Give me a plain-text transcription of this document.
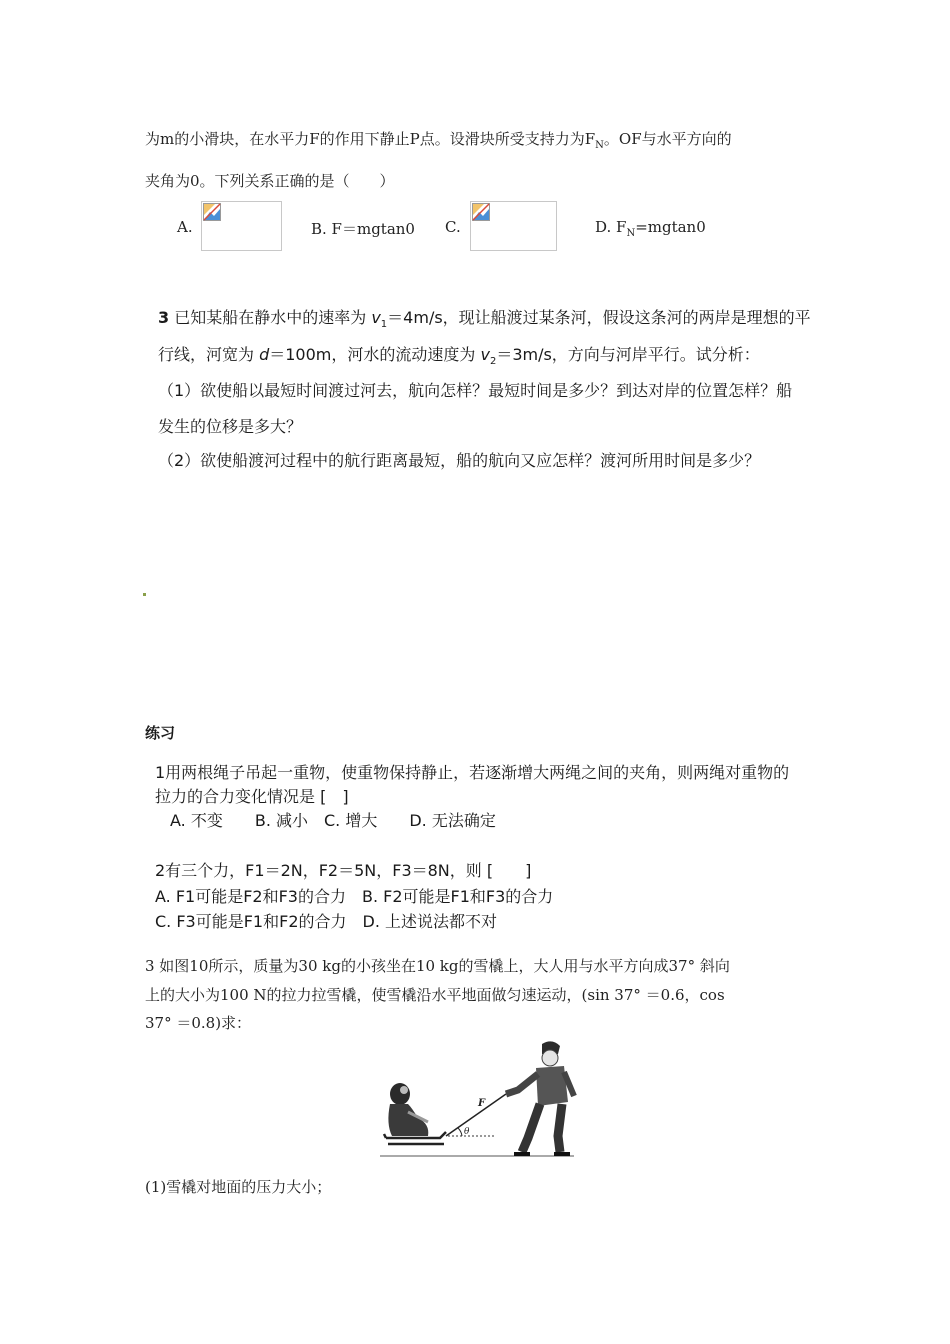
为m的小滑块，在水平力F的作用下静止P点。设滑块所受支持力为$F_N$。OF与水平方向的
夹角为0。下列关系正确的是（　　）
A.	B. F＝mgtan0 C.	D. $F_N=mgtan0$
3 已知某船在静水中的速率为 $v_1=4m/s$，现让船渡过某条河，假设这条河的两岸是理想的平
行线，河宽为 d＝100m，河水的流动速度为 $v_2=3m/s$，方向与河岸平行。试分析：
（1）欲使船以最短时间渡过河去，航向怎样？最短时间是多少？到达对岸的位置怎样？船
发生的位移是多大？
（2）欲使船渡河过程中的航行距离最短，船的航向又应怎样？渡河所用时间是多少？
练习
1用两根绳子吊起一重物，使重物保持静止，若逐渐增大两绳之间的夹角，则两绳对重物的
拉力的合力变化情况是 [　]
A. 不变　　B. 减小　C. 增大　　D. 无法确定
2有三个力，F1＝2N，F2＝5N，F3＝8N，则 [　　]
A. F1可能是F2和F3的合力　B. F2可能是F1和F3的合力
C. F3可能是F1和F2的合力　D. 上述说法都不对
3 如图10所示，质量为30 kg的小孩坐在10 kg的雪橇上，大人用与水平方向成37° 斜向
上的大小为100 N的拉力拉雪橇，使雪橇沿水平地面做匀速运动，(sin 37° ＝0.6，cos
37° ＝0.8)求：
θ
F
(1)雪橇对地面的压力大小；
